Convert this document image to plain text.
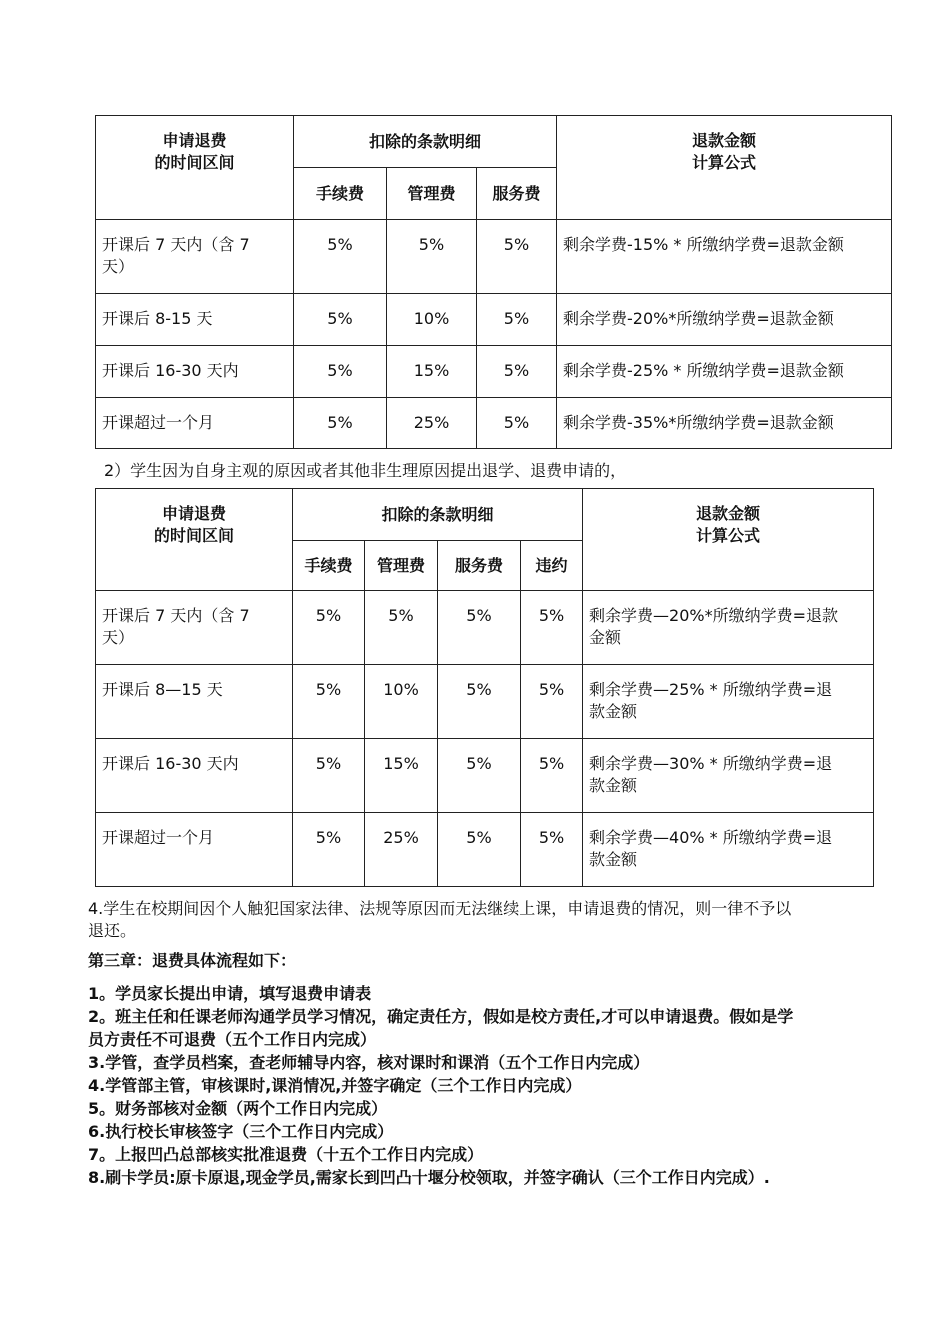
申请退费
的时间区间	扣除的条款明细			退款金额
计算公式

	手续费	管理费	服务费	

开课后 7 天内（含 7
天）	5%	5%	5%	剩余学费-15% * 所缴纳学费=退款金额
开课后 8-15 天	5%	10%	5%	剩余学费-20%*所缴纳学费=退款金额
开课后 16-30 天内	5%	15%	5%	剩余学费-25% * 所缴纳学费=退款金额
开课超过一个月	5%	25%	5%	剩余学费-35%*所缴纳学费=退款金额
2）学生因为自身主观的原因或者其他非生理原因提出退学、退费申请的，
申请退费
的时间区间	扣除的条款明细				退款金额
计算公式

	手续费	管理费	服务费	违约	

开课后 7 天内（含 7
天）	5%	5%	5%	5%	剩余学费—20%*所缴纳学费=退款
金额

开课后 8—15 天	5%	10%	5%	5%	剩余学费—25% * 所缴纳学费=退
款金额

开课后 16-30 天内	5%	15%	5%	5%	剩余学费—30% * 所缴纳学费=退
款金额

开课超过一个月	5%	25%	5%	5%	剩余学费—40% * 所缴纳学费=退
款金额
4.学生在校期间因个人触犯国家法律、法规等原因而无法继续上课，申请退费的情况，则一律不予以
退还。
第三章：退费具体流程如下：
1。学员家长提出申请，填写退费申请表
2。班主任和任课老师沟通学员学习情况，确定责任方，假如是校方责任,才可以申请退费。假如是学
员方责任不可退费（五个工作日内完成）
3.学管，查学员档案，查老师辅导内容，核对课时和课消（五个工作日内完成）
4.学管部主管，审核课时,课消情况,并签字确定（三个工作日内完成）
5。财务部核对金额（两个工作日内完成）
6.执行校长审核签字（三个工作日内完成）
7。上报凹凸总部核实批准退费（十五个工作日内完成）
8.刷卡学员:原卡原退,现金学员,需家长到凹凸十堰分校领取，并签字确认（三个工作日内完成）.
